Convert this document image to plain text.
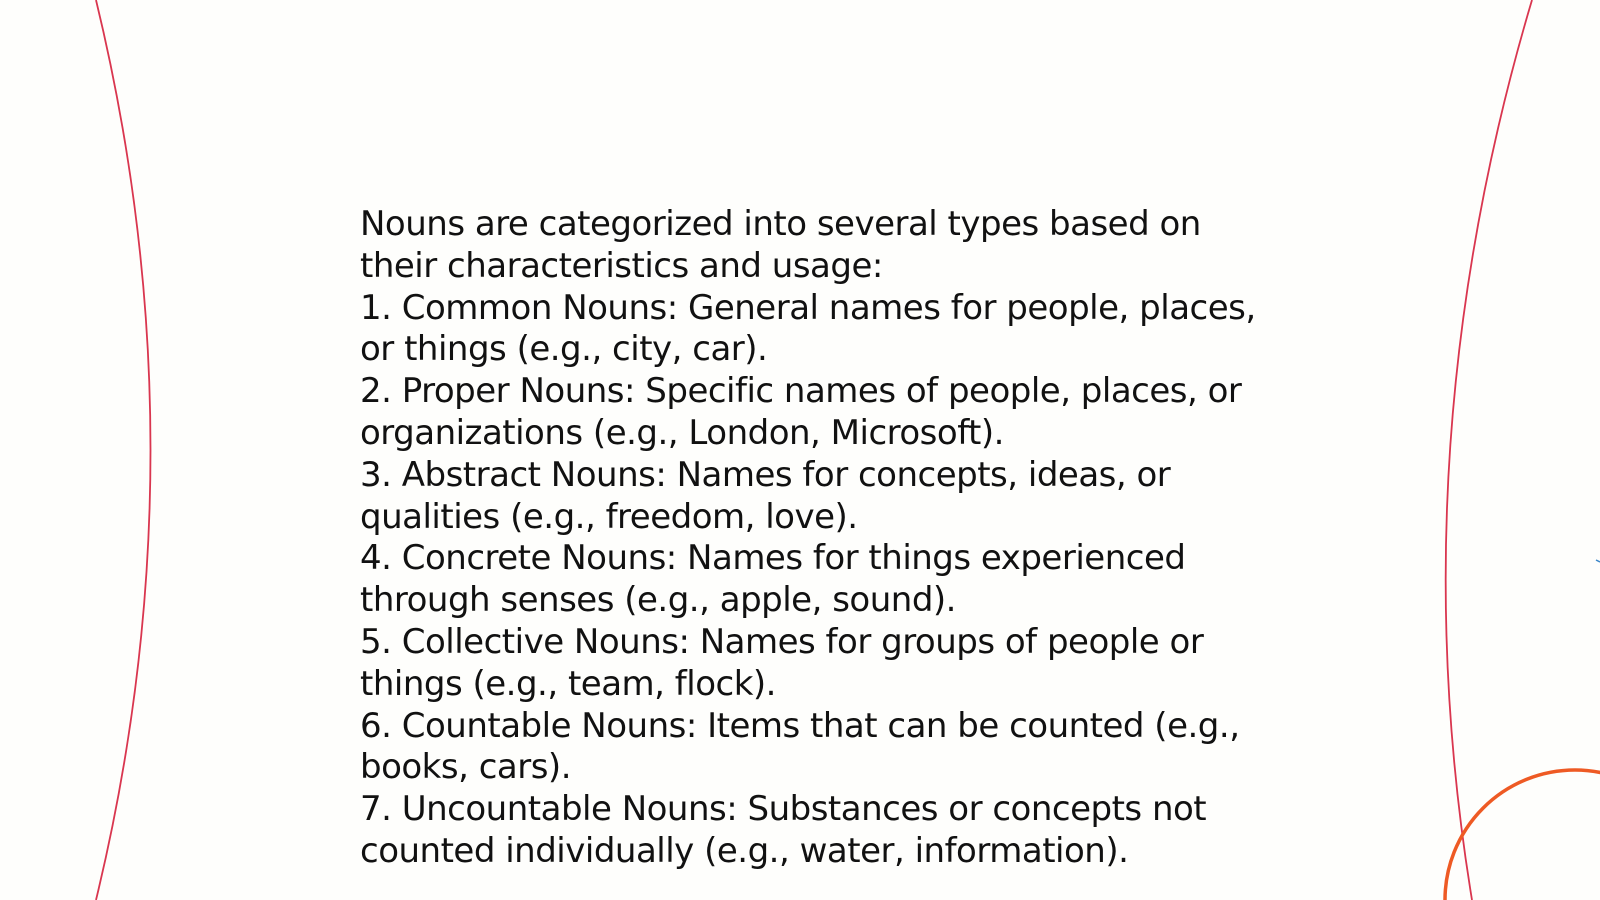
Nouns are categorized into several types based on
their characteristics and usage:
1. Common Nouns: General names for people, places,
or things (e.g., city, car).
2. Proper Nouns: Specific names of people, places, or
organizations (e.g., London, Microsoft).
3. Abstract Nouns: Names for concepts, ideas, or
qualities (e.g., freedom, love).
4. Concrete Nouns: Names for things experienced
through senses (e.g., apple, sound).
5. Collective Nouns: Names for groups of people or
things (e.g., team, flock).
6. Countable Nouns: Items that can be counted (e.g.,
books, cars).
7. Uncountable Nouns: Substances or concepts not
counted individually (e.g., water, information).
